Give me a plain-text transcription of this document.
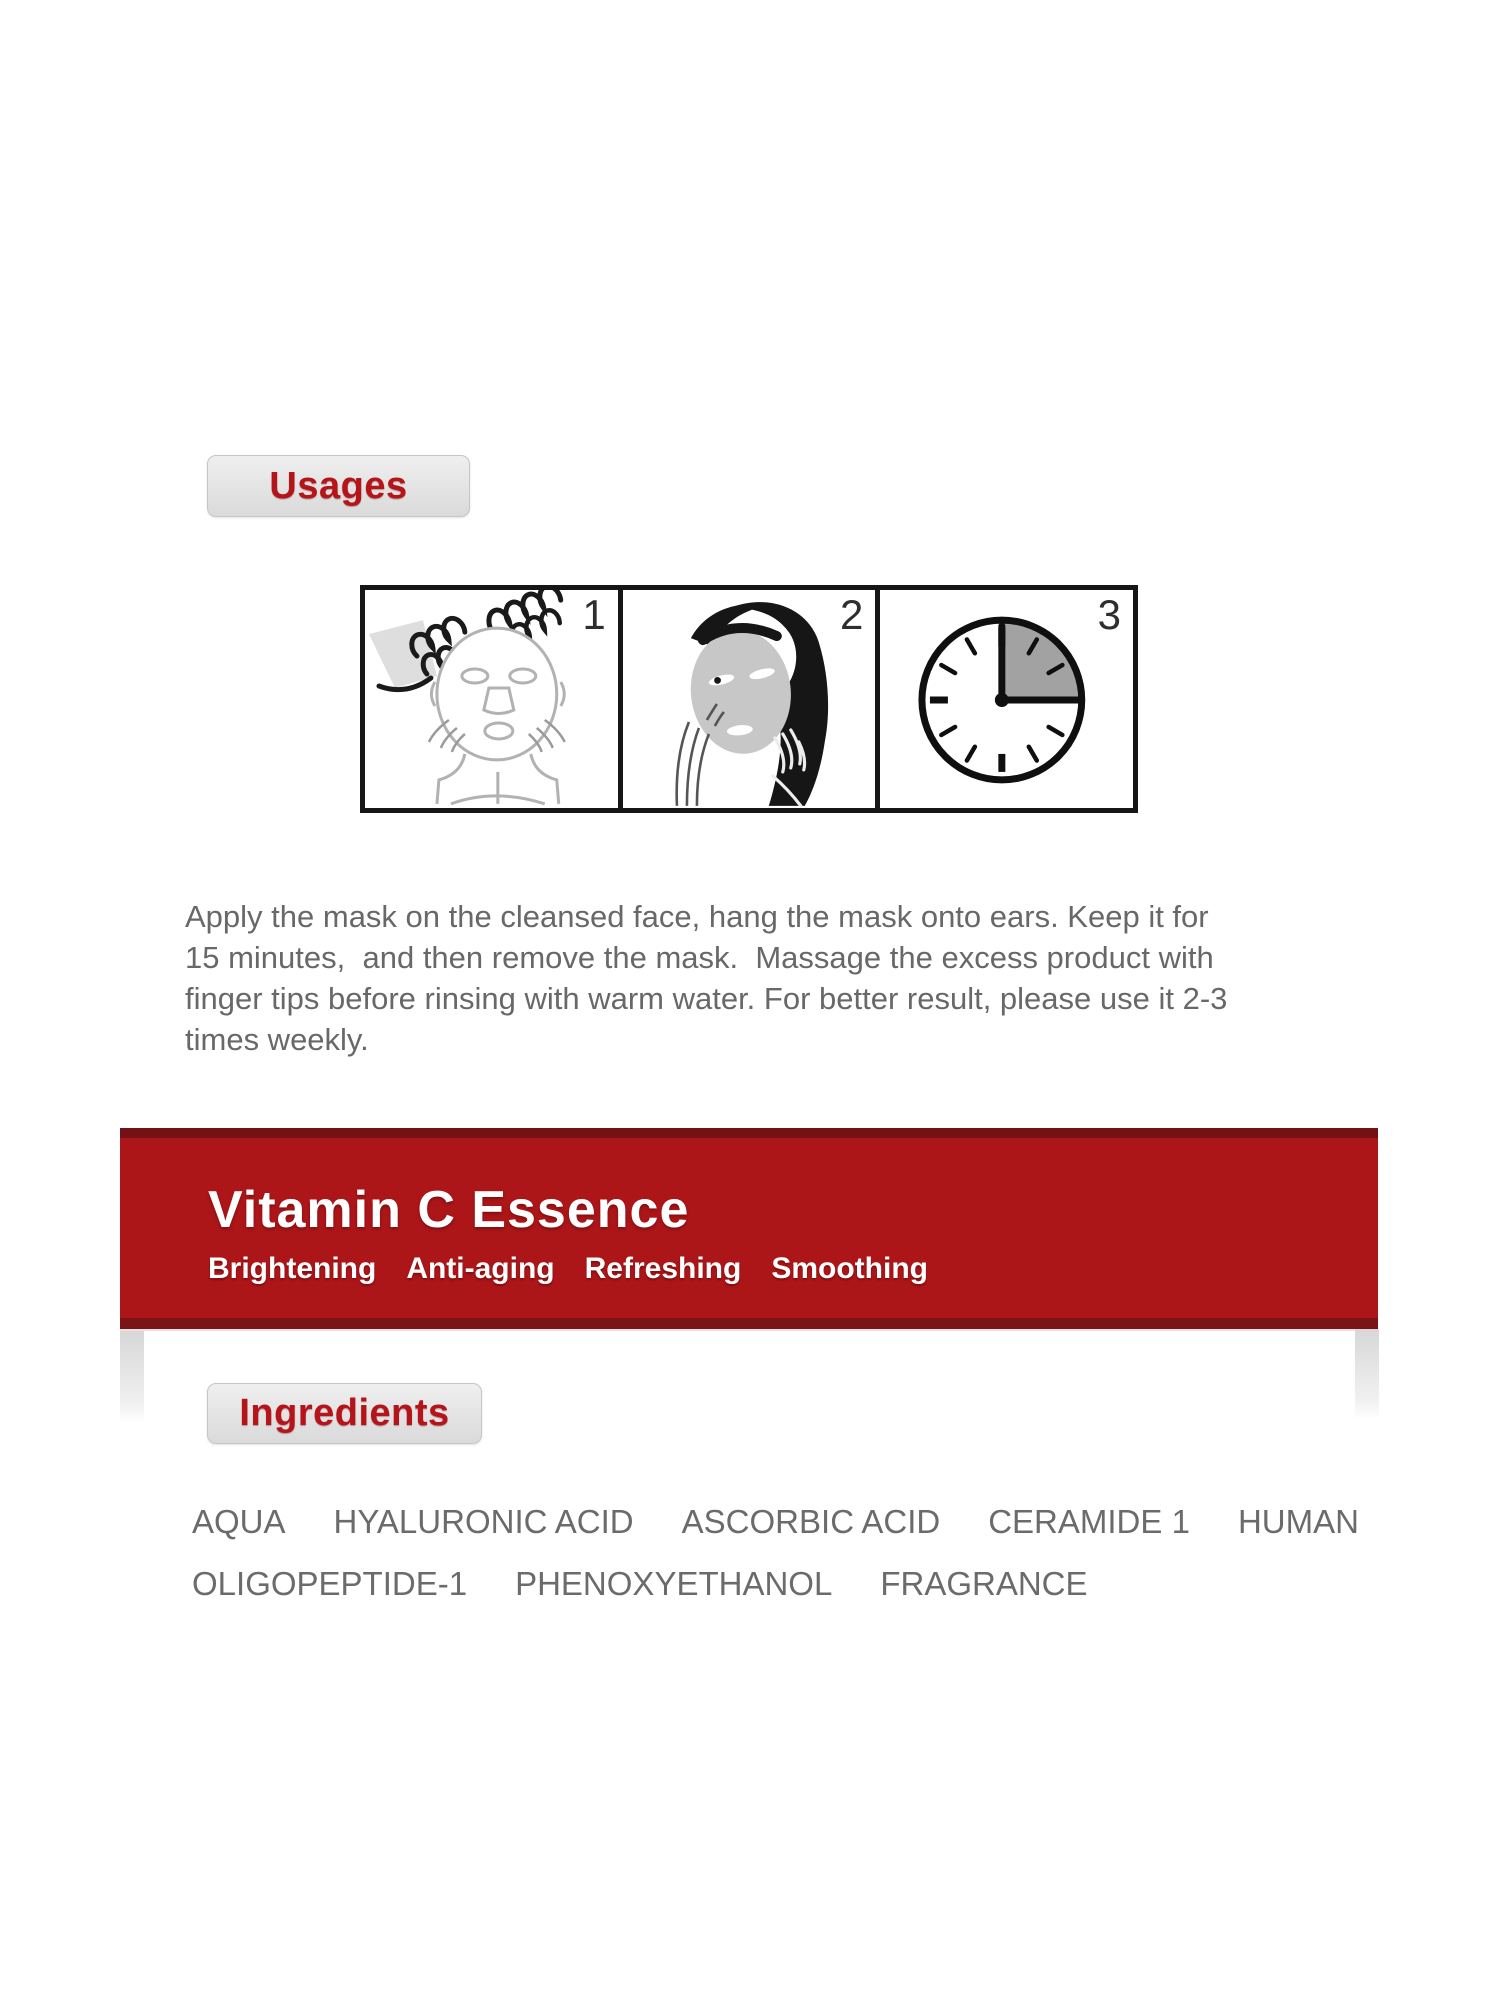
Usages
1	2	3
Apply the mask on the cleansed face, hang the mask onto ears. Keep it for
15 minutes,  and then remove the mask.  Massage the excess product with
finger tips before rinsing with warm water. For better result, please use it 2-3
times weekly.
Vitamin C Essence
Brightening Anti-aging Refreshing Smoothing
Ingredients
AQUA HYALURONIC ACID ASCORBIC ACID CERAMIDE 1 HUMAN
OLIGOPEPTIDE-1 PHENOXYETHANOL FRAGRANCE
